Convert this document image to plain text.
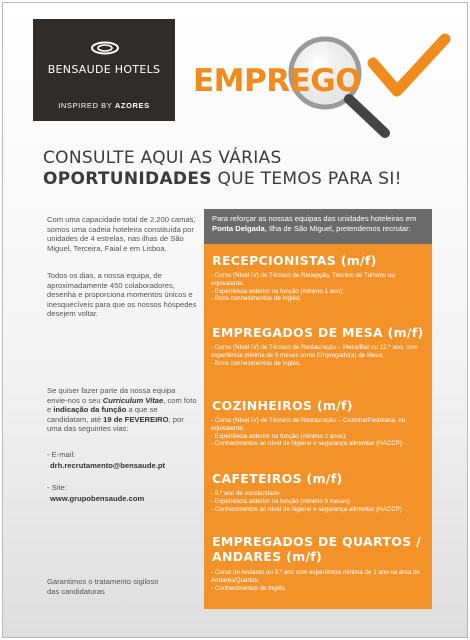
BENSAUDE HOTELS
INSPIRED BY AZORES
EMPREGO
CONSULTE AQUI AS VÁRIAS
OPORTUNIDADES QUE TEMOS PARA SI!
Com uma capacidade total de 2.200 camas, somos uma cadeia hoteleira constituída por unidades de 4 estrelas, nas ilhas de São Miguel, Terceira, Faial e em Lisboa.
Todos os dias, a nossa equipa, de aproximadamente 450 colaboradores, desenha e proporciona momentos únicos e inesquecíveis para que os nossos hóspedes desejem voltar.
Se quiser fazer parte da nossa equipa envie-nos o seu Curriculum Vitae, com foto e indicação da função a que se candidatam, até 19 de FEVEREIRO, por uma das seguintes vias:
- E-mail:
drh.recrutamento@bensaude.pt
- Site:
www.grupobensaude.com
Garantimos o tratamento sigiloso das candidaturas
Para reforçar as nossas equipas das unidades hoteleiras em Ponta Delgada, Ilha de São Miguel, pretendemos recrutar:
RECEPCIONISTAS (m/f)
- Curso (Nível IV) de Técnico de Recepção, Técnico de Turismo ou equivalente;
- Experiência anterior na função (mínimo 1 ano);
- Bons conhecimentos de Inglês;
EMPREGADOS DE MESA (m/f)
- Curso (Nível IV) de Técnico de Restauração – Mesa/Bar ou 12.º ano, com experiência mínima de 6 meses como Empregado(a) de Mesa;
- Bons conhecimentos de Inglês.
COZINHEIROS (m/f)
- Curso (Nível IV) de Técnico de Restauração – Cozinha/Pastelaria, ou equivalente;
- Experiência anterior na função (mínimo 2 anos);
- Conhecimentos ao nível de higiene e segurança alimentar (HACCP).
CAFETEIROS (m/f)
- 9.º ano de escolaridade
- Experiência anterior na função (mínimo 6 meses)
- Conhecimentos ao nível de higiene e segurança alimentar (HACCP)
EMPREGADOS DE QUARTOS /
ANDARES (m/f)
- Curso de Andares ou 9.º ano com experiência mínima de 1 ano na área de Andares/Quartos;
- Conhecimentos de Inglês.
